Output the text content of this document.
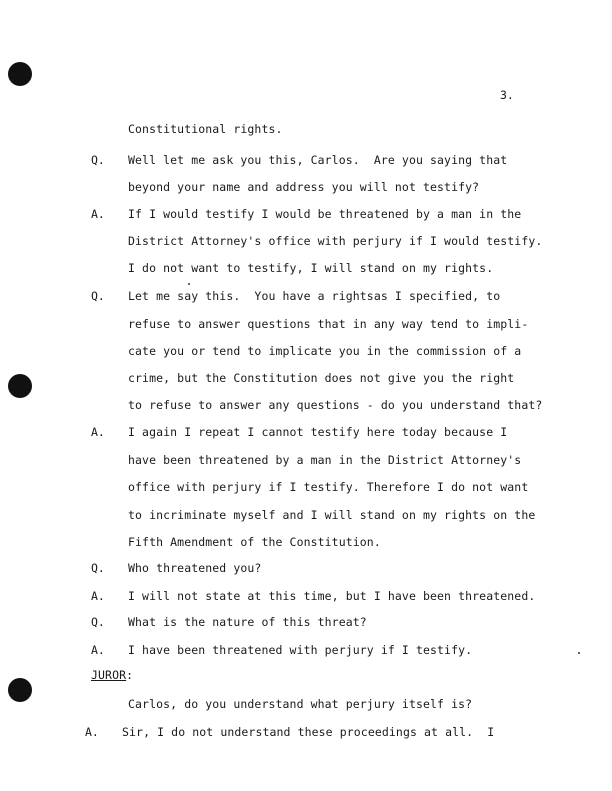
3.
Constitutional rights.
Q. Well let me ask you this, Carlos.  Are you saying that
beyond your name and address you will not testify?
A. If I would testify I would be threatened by a man in the
District Attorney's office with perjury if I would testify.
I do not want to testify, I will stand on my rights.
Q. Let me say this.  You have a rightsas I specified, to
refuse to answer questions that in any way tend to impli-
cate you or tend to implicate you in the commission of a
crime, but the Constitution does not give you the right
to refuse to answer any questions - do you understand that?
A. I again I repeat I cannot testify here today because I
have been threatened by a man in the District Attorney's
office with perjury if I testify. Therefore I do not want
to incriminate myself and I will stand on my rights on the
Fifth Amendment of the Constitution.
Q. Who threatened you?
A. I will not state at this time, but I have been threatened.
Q. What is the nature of this threat?
A. I have been threatened with perjury if I testify.
JUROR:
Carlos, do you understand what perjury itself is?
A. Sir, I do not understand these proceedings at all.  I
